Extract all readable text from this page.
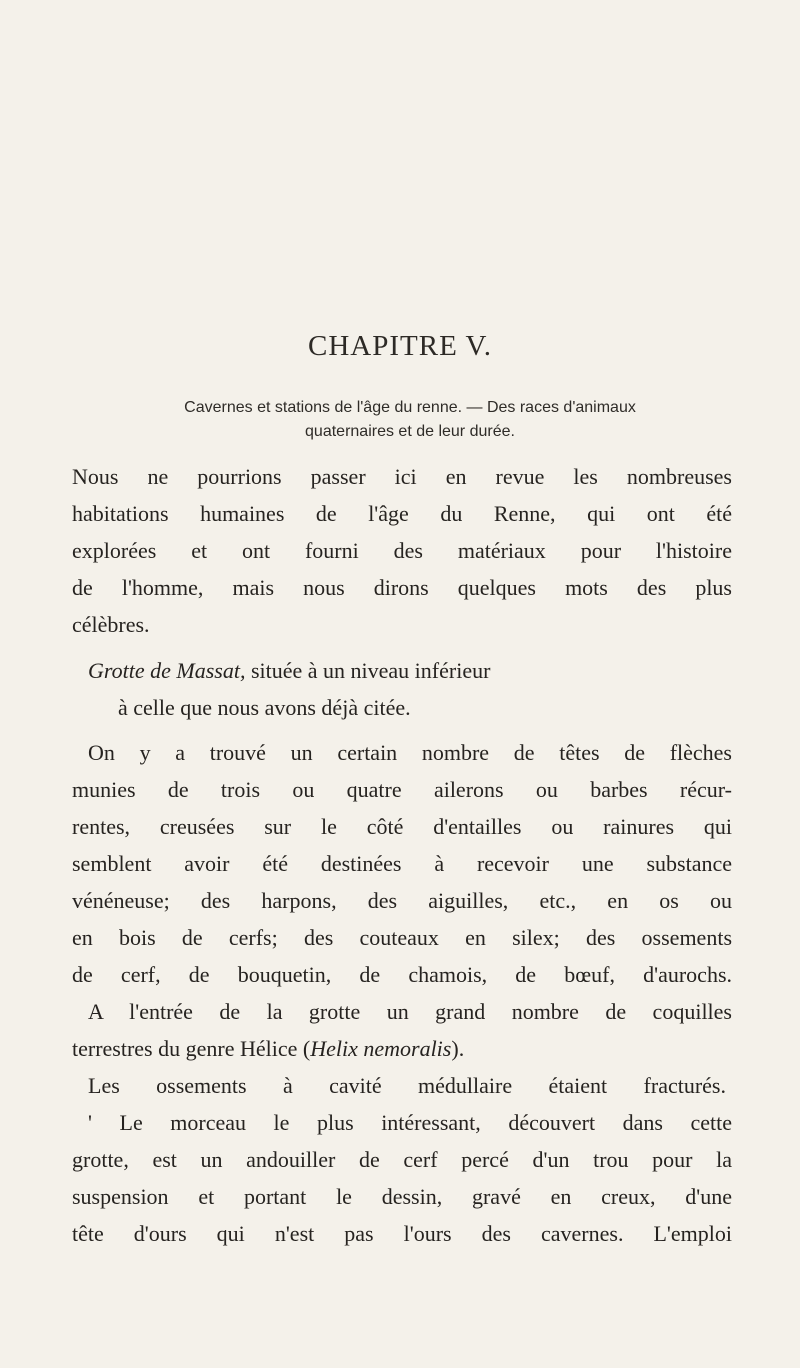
CHAPITRE V.
Cavernes et stations de l'âge du renne. — Des races d'animaux
quaternaires et de leur durée.
Nous ne pourrions passer ici en revue les nombreuses
habitations humaines de l'âge du Renne, qui ont été
explorées et ont fourni des matériaux pour l'histoire
de l'homme, mais nous dirons quelques mots des plus
célèbres.
Grotte de Massat, située à un niveau inférieur
à celle que nous avons déjà citée.
On y a trouvé un certain nombre de têtes de flèches
munies de trois ou quatre ailerons ou barbes récur-
rentes, creusées sur le côté d'entailles ou rainures qui
semblent avoir été destinées à recevoir une substance
vénéneuse; des harpons, des aiguilles, etc., en os ou
en bois de cerfs; des couteaux en silex; des ossements
de cerf, de bouquetin, de chamois, de bœuf, d'aurochs.
A l'entrée de la grotte un grand nombre de coquilles
terrestres du genre Hélice (Helix nemoralis).
Les ossements à cavité médullaire étaient fracturés.
' Le morceau le plus intéressant, découvert dans cette
grotte, est un andouiller de cerf percé d'un trou pour la
suspension et portant le dessin, gravé en creux, d'une
tête d'ours qui n'est pas l'ours des cavernes. L'emploi
